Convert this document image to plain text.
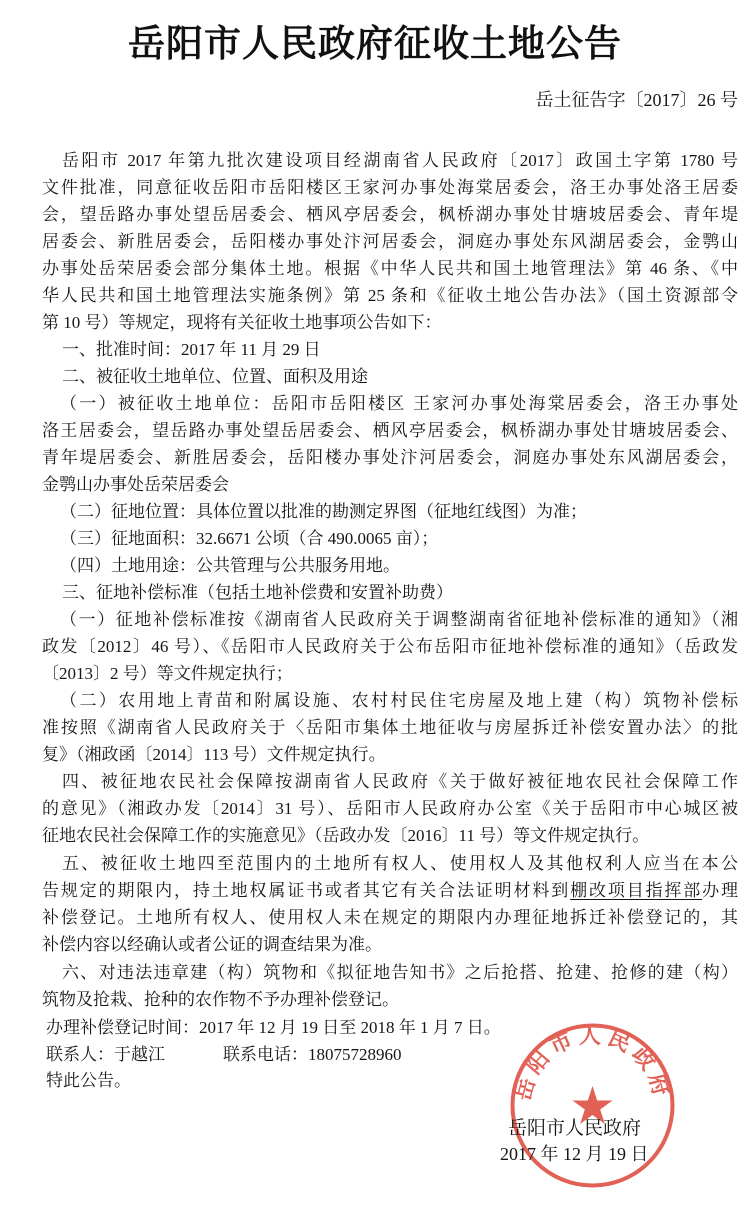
岳阳市人民政府征收土地公告
岳土征告字〔2017〕26 号
岳阳市人民政府
岳阳市 2017 年第九批次建设项目经湖南省人民政府〔2017〕政国土字第 1780 号
文件批准，同意征收岳阳市岳阳楼区王家河办事处海棠居委会，洛王办事处洛王居委
会，望岳路办事处望岳居委会、栖风亭居委会，枫桥湖办事处甘塘坡居委会、青年堤
居委会、新胜居委会，岳阳楼办事处汴河居委会，洞庭办事处东风湖居委会，金鹗山
办事处岳荣居委会部分集体土地。根据《中华人民共和国土地管理法》第 46 条、《中
华人民共和国土地管理法实施条例》第 25 条和《征收土地公告办法》（国土资源部令
第 10 号）等规定，现将有关征收土地事项公告如下：
一、批准时间：2017 年 11 月 29 日
二、被征收土地单位、位置、面积及用途
（一）被征收土地单位：岳阳市岳阳楼区 王家河办事处海棠居委会，洛王办事处
洛王居委会，望岳路办事处望岳居委会、栖风亭居委会，枫桥湖办事处甘塘坡居委会、
青年堤居委会、新胜居委会，岳阳楼办事处汴河居委会，洞庭办事处东风湖居委会，
金鹗山办事处岳荣居委会
（二）征地位置：具体位置以批准的勘测定界图（征地红线图）为准；
（三）征地面积：32.6671 公顷（合 490.0065 亩）；
（四）土地用途：公共管理与公共服务用地。
三、征地补偿标准（包括土地补偿费和安置补助费）
（一）征地补偿标准按《湖南省人民政府关于调整湖南省征地补偿标准的通知》（湘
政发〔2012〕46 号）、《岳阳市人民政府关于公布岳阳市征地补偿标准的通知》（岳政发
〔2013〕2 号）等文件规定执行；
（二）农用地上青苗和附属设施、农村村民住宅房屋及地上建（构）筑物补偿标
准按照《湖南省人民政府关于〈岳阳市集体土地征收与房屋拆迁补偿安置办法〉的批
复》（湘政函〔2014〕113 号）文件规定执行。
四、被征地农民社会保障按湖南省人民政府《关于做好被征地农民社会保障工作
的意见》（湘政办发〔2014〕31 号）、岳阳市人民政府办公室《关于岳阳市中心城区被
征地农民社会保障工作的实施意见》（岳政办发〔2016〕11 号）等文件规定执行。
五、被征收土地四至范围内的土地所有权人、使用权人及其他权利人应当在本公
告规定的期限内，持土地权属证书或者其它有关合法证明材料到棚改项目指挥部办理
补偿登记。土地所有权人、使用权人未在规定的期限内办理征地拆迁补偿登记的，其
补偿内容以经确认或者公证的调查结果为准。
六、对违法违章建（构）筑物和《拟征地告知书》之后抢搭、抢建、抢修的建（构）
筑物及抢栽、抢种的农作物不予办理补偿登记。
办理补偿登记时间：2017 年 12 月 19 日至 2018 年 1 月 7 日。
联系人：于越江	联系电话：18075728960
特此公告。
岳阳市人民政府
2017 年 12 月 19 日
